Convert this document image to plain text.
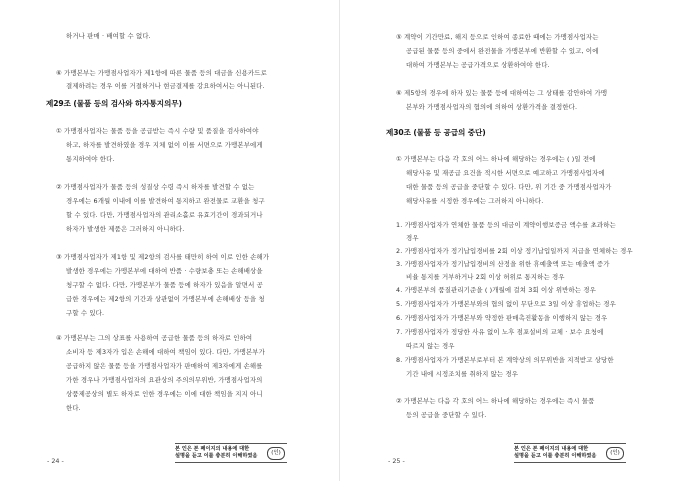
하거나 판매 · 배여할 수 없다.
⑥ 가맹본부는 가맹점사업자가 제1항에 따른 물품 등의 대금을 신용카드로
결제하려는 경우 이를 거절하거나 현금결제를 강요하여서는 아니된다.
제29조 (물품 등의 검사와 하자통지의무)
① 가맹점사업자는 물품 등을 공급받는 즉시 수량 및 품질을 검사하여야
하고, 하자를 발견하였을 경우 지체 없이 이를 서면으로 가맹본부에게
통지하여야 한다.
② 가맹점사업자가 물품 등의 성질상 수령 즉시 하자를 발견할 수 없는
경우에는 6개월 이내에 이를 발견하여 통지하고 완전물로 교환을 청구
할 수 있다. 다만, 가맹점사업자의 관리소홀로 유효기간이 경과되거나
하자가 발생한 제품은 그러하지 아니하다.
③ 가맹점사업자가 제1항 및 제2항의 검사를 태만히 하여 이로 인한 손해가
발생한 경우에는 가맹본부에 대하여 반품 · 수량보충 또는 손해배상을
청구할 수 없다. 다만, 가맹본부가 물품 등에 하자가 있음을 알면서 공
급한 경우에는 제2항의 기간과 상관없이 가맹본부에 손해배상 등을 청
구할 수 있다.
④ 가맹본부는 그의 상표를 사용하여 공급한 물품 등의 하자로 인하여
소비자 등 제3자가 입은 손해에 대하여 책임이 있다. 다만, 가맹본부가
공급하지 않은 물품 등을 가맹점사업자가 판매하여 제3자에게 손해를
가한 경우나 가맹점사업자의 요관상의 주의의무위반, 가맹점사업자의
상품제공상의 별도 하자로 인한 경우에는 이에 대한 책임을 지지 아니
한다.
- 24 -
본 인은 본 페이지의 내용에 대한
설명을 듣고 이를 충분히 이해하였음	(인)
⑤ 계약이 기간만료, 해지 등으로 인하여 종료한 때에는 가맹점사업자는
공급된 물품 등의 중에서 완전물을 가맹본부에 반환할 수 있고, 이에
대하여 가맹본부는 공급가격으로 상환하여야 한다.
⑥ 제5항의 경우에 하자 있는 물품 등에 대하여는 그 상태를 감안하여 가맹
본부와 가맹점사업자의 협의에 의하여 상환가격을 결정한다.
제30조 (물품 등 공급의 중단)
① 가맹본부는 다음 각 호의 어느 하나에 해당하는 경우에는 ( )일 전에
해당사유 및 재공급 요건을 적시한 서면으로 예고하고 가맹점사업자에
대한 물품 등의 공급을 중단할 수 있다. 다만, 위 기간 중 가맹점사업자가
해당사유를 시정한 경우에는 그러하지 아니하다.
1. 가맹점사업자가 연체한 물품 등의 대금이 계약이행보증금 액수를 초과하는
경우
2. 가맹점사업자가 정기납입경비를 2회 이상 정기납입일까지 지급을 연체하는 경우
3. 가맹점사업자가 정기납입경비의 산정을 위한 휴예출액 또는 매출액 증가
비율 통지를 거부하거나 2회 이상 허위로 통지하는 경우
4. 가맹본부의 품질관리기준을 ( )개월에 걸쳐 3회 이상 위반하는 경우
5. 가맹점사업자가 가맹본부와의 협의 없이 무단으로 3일 이상 휴업하는 경우
6. 가맹점사업자가 가맹본부와 약정한 판매촉진활동을 이행하지 않는 경우
7. 가맹점사업자가 정당한 사유 없이 노후 점포설비의 교체 · 보수 요청에
따르지 않는 경우
8. 가맹점사업자가 가맹본부로부터 본 계약상의 의무위반을 지적받고 상당한
기간 내에 시정조치를 취하지 않는 경우
② 가맹본부는 다음 각 호의 어느 하나에 해당하는 경우에는 즉시 물품
등의 공급을 중단할 수 있다.
- 25 -
본 인은 본 페이지의 내용에 대한
설명을 듣고 이를 충분히 이해하였음	(인)
